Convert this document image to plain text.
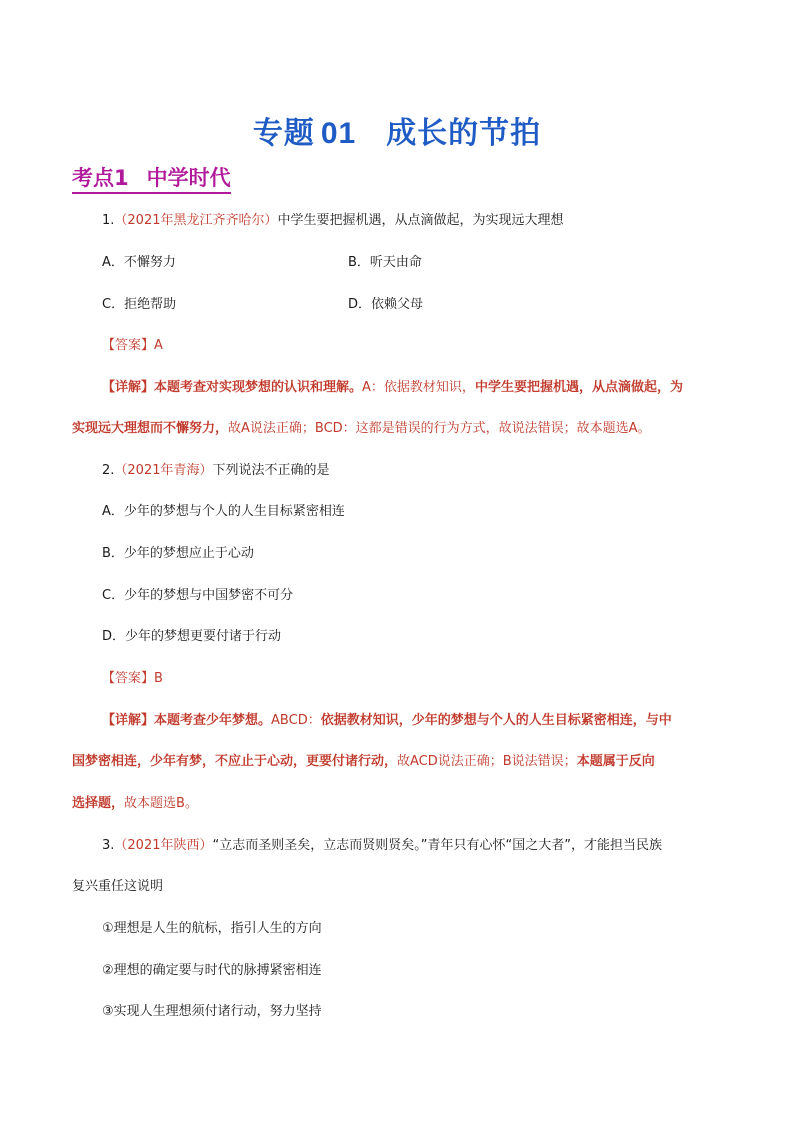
专题 01 成长的节拍
考点1 中学时代
1.（2021年黑龙江齐齐哈尔）中学生要把握机遇，从点滴做起，为实现远大理想
A．不懈努力	B．听天由命
C．拒绝帮助	D．依赖父母
【答案】A
【详解】本题考查对实现梦想的认识和理解。A：依据教材知识，中学生要把握机遇，从点滴做起，为
实现远大理想而不懈努力，故A说法正确；BCD：这都是错误的行为方式，故说法错误；故本题选A。
2.（2021年青海）下列说法不正确的是
A．少年的梦想与个人的人生目标紧密相连
B．少年的梦想应止于心动
C．少年的梦想与中国梦密不可分
D．少年的梦想更要付诸于行动
【答案】B
【详解】本题考查少年梦想。ABCD：依据教材知识，少年的梦想与个人的人生目标紧密相连，与中
国梦密相连，少年有梦，不应止于心动，更要付诸行动，故ACD说法正确；B说法错误；本题属于反向
选择题，故本题选B。
3.（2021年陕西）“立志而圣则圣矣，立志而贤则贤矣。”青年只有心怀“国之大者”，才能担当民族
复兴重任这说明
①理想是人生的航标，指引人生的方向
②理想的确定要与时代的脉搏紧密相连
③实现人生理想须付诸行动，努力坚持
